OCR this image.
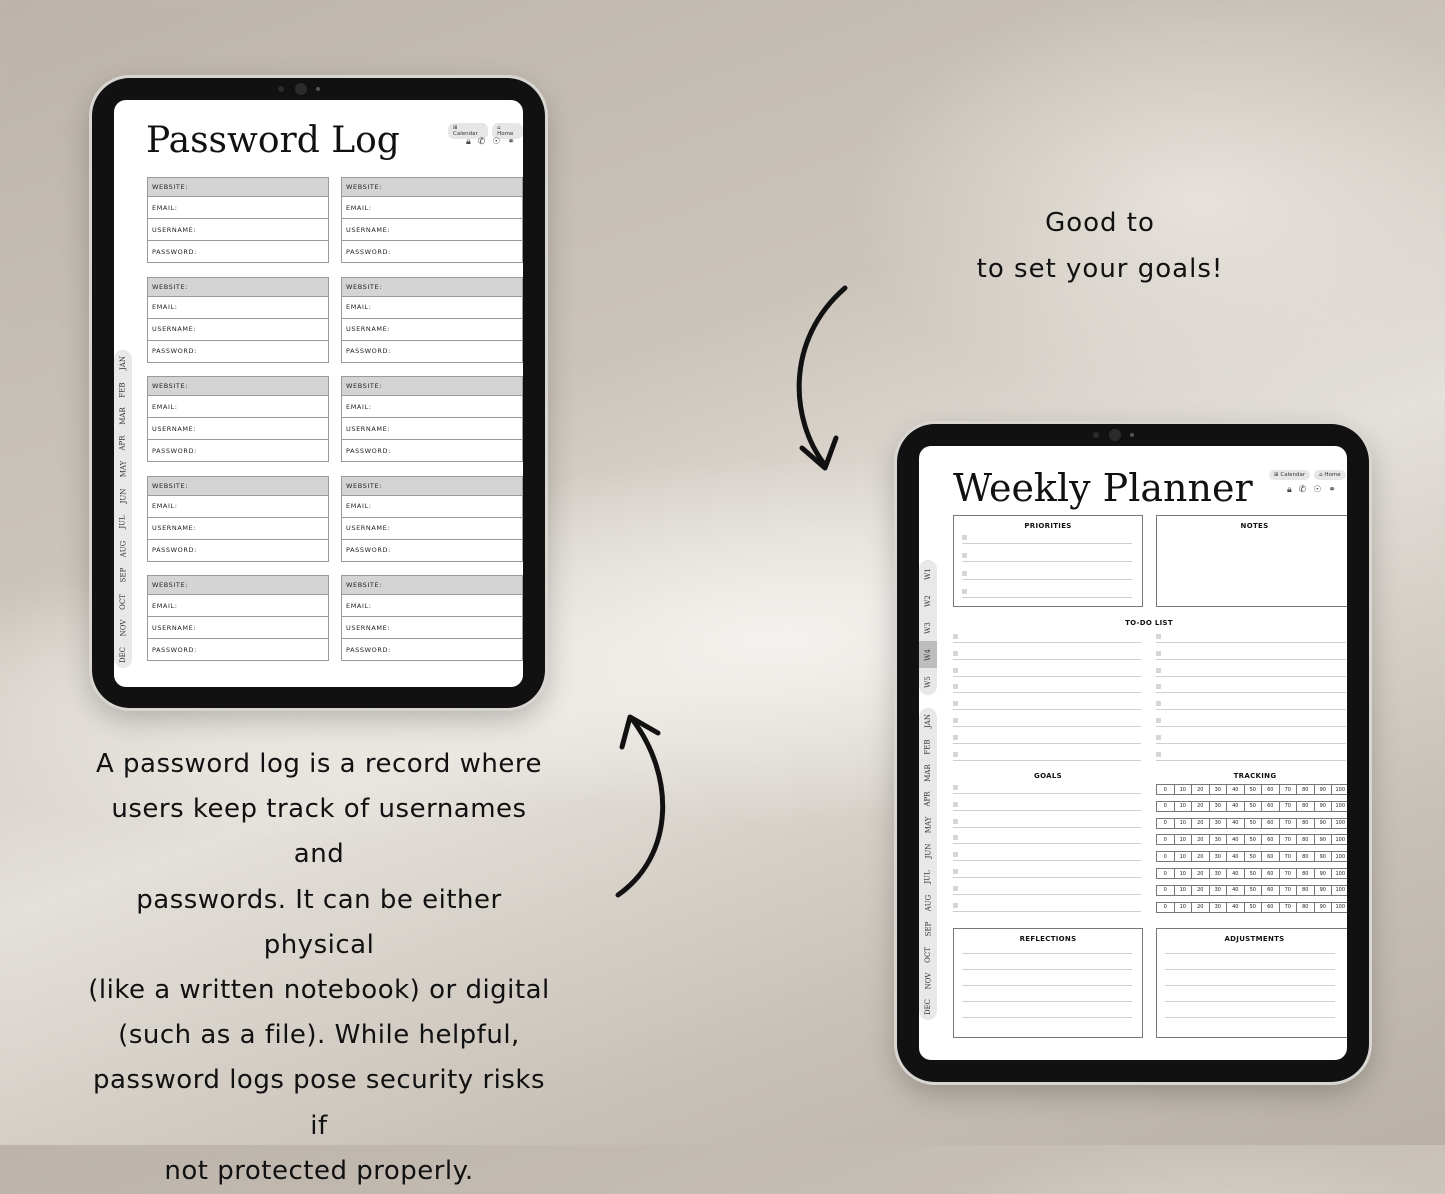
Password Log	⊞ Calendar
⌂ Home
🔒︎ ✆ ☉ ⚭
WEBSITE:
EMAIL:
USERNAME:
PASSWORD:
WEBSITE:
EMAIL:
USERNAME:
PASSWORD:
WEBSITE:
EMAIL:
USERNAME:
PASSWORD:
WEBSITE:
EMAIL:
USERNAME:
PASSWORD:
WEBSITE:
EMAIL:
USERNAME:
PASSWORD:
WEBSITE:
EMAIL:
USERNAME:
PASSWORD:
WEBSITE:
EMAIL:
USERNAME:
PASSWORD:
WEBSITE:
EMAIL:
USERNAME:
PASSWORD:
WEBSITE:
EMAIL:
USERNAME:
PASSWORD:
WEBSITE:
EMAIL:
USERNAME:
PASSWORD:
JAN
FEB
MAR
APR
MAY
JUN
JUL
AUG
SEP
OCT
NOV
DEC
Weekly Planner	⊞ Calendar	⌂ Home
🔒︎ ✆ ☉ ⚭
PRIORITIES	NOTES
TO-DO LIST
GOALS	TRACKING
0	10	20	30	40	50	60	70	80	90	100
0	10	20	30	40	50	60	70	80	90	100
0	10	20	30	40	50	60	70	80	90	100
0	10	20	30	40	50	60	70	80	90	100
0	10	20	30	40	50	60	70	80	90	100
0	10	20	30	40	50	60	70	80	90	100
0	10	20	30	40	50	60	70	80	90	100
0	10	20	30	40	50	60	70	80	90	100
REFLECTIONS	ADJUSTMENTS
W1
W2
W3
W4
W5
JAN
FEB
MAR
APR
MAY
JUN
JUL
AUG
SEP
OCT
NOV
DEC
Good to
to set your goals!
A password log is a record where
users keep track of usernames and
passwords. It can be either physical
(like a written notebook) or digital
(such as a file). While helpful,
password logs pose security risks if
not protected properly.
